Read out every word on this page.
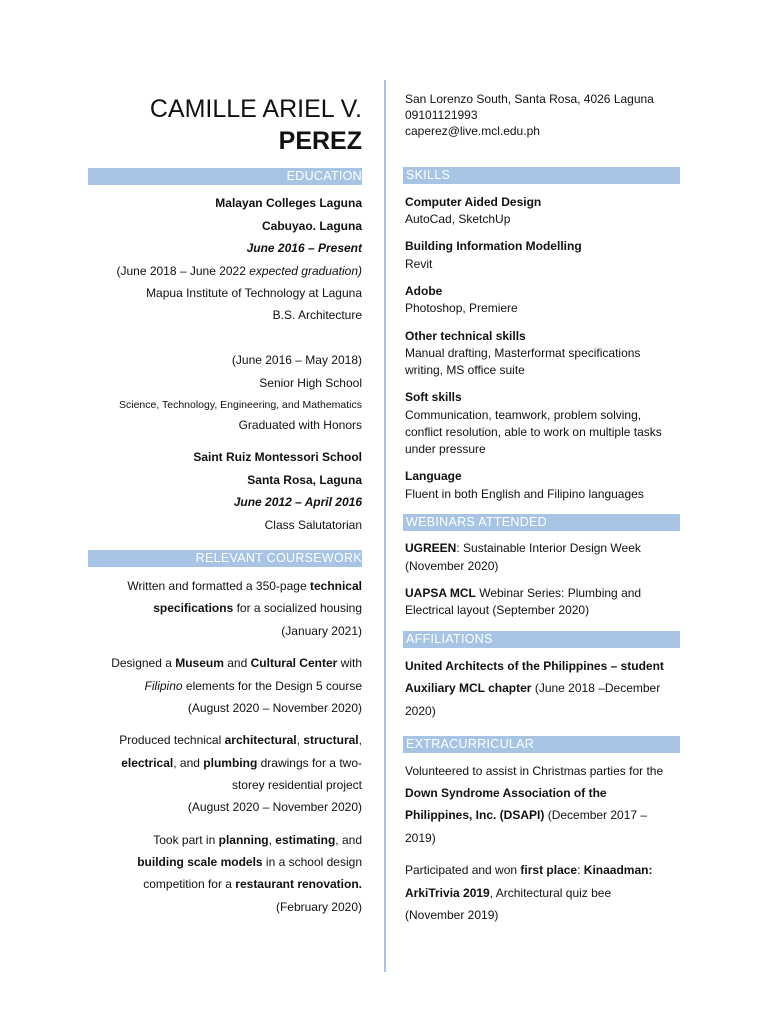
CAMILLE ARIEL V.
PEREZ
San Lorenzo South, Santa Rosa, 4026 Laguna
09101121993
caperez@live.mcl.edu.ph
EDUCATION
Malayan Colleges Laguna
Cabuyao. Laguna
June 2016 – Present
(June 2018 – June 2022 expected graduation)
Mapua Institute of Technology at Laguna
B.S. Architecture
(June 2016 – May 2018)
Senior High School
Science, Technology, Engineering, and Mathematics
Graduated with Honors
Saint Ruiz Montessori School
Santa Rosa, Laguna
June 2012 – April 2016
Class Salutatorian
RELEVANT COURSEWORK
Written and formatted a 350-page technical
specifications for a socialized housing
(January 2021)
Designed a Museum and Cultural Center with
Filipino elements for the Design 5 course
(August 2020 – November 2020)
Produced technical architectural, structural,
electrical, and plumbing drawings for a two-
storey residential project
(August 2020 – November 2020)
Took part in planning, estimating, and
building scale models in a school design
competition for a restaurant renovation.
(February 2020)
SKILLS
Computer Aided Design
AutoCad, SketchUp
Building Information Modelling
Revit
Adobe
Photoshop, Premiere
Other technical skills
Manual drafting, Masterformat specifications
writing, MS office suite
Soft skills
Communication, teamwork, problem solving,
conflict resolution, able to work on multiple tasks
under pressure
Language
Fluent in both English and Filipino languages
WEBINARS ATTENDED
UGREEN: Sustainable Interior Design Week
(November 2020)
UAPSA MCL Webinar Series: Plumbing and
Electrical layout (September 2020)
AFFILIATIONS
United Architects of the Philippines – student
Auxiliary MCL chapter (June 2018 –December
2020)
EXTRACURRICULAR
Volunteered to assist in Christmas parties for the
Down Syndrome Association of the
Philippines, Inc. (DSAPI) (December 2017 –
2019)
Participated and won first place: Kinaadman:
ArkiTrivia 2019, Architectural quiz bee
(November 2019)
